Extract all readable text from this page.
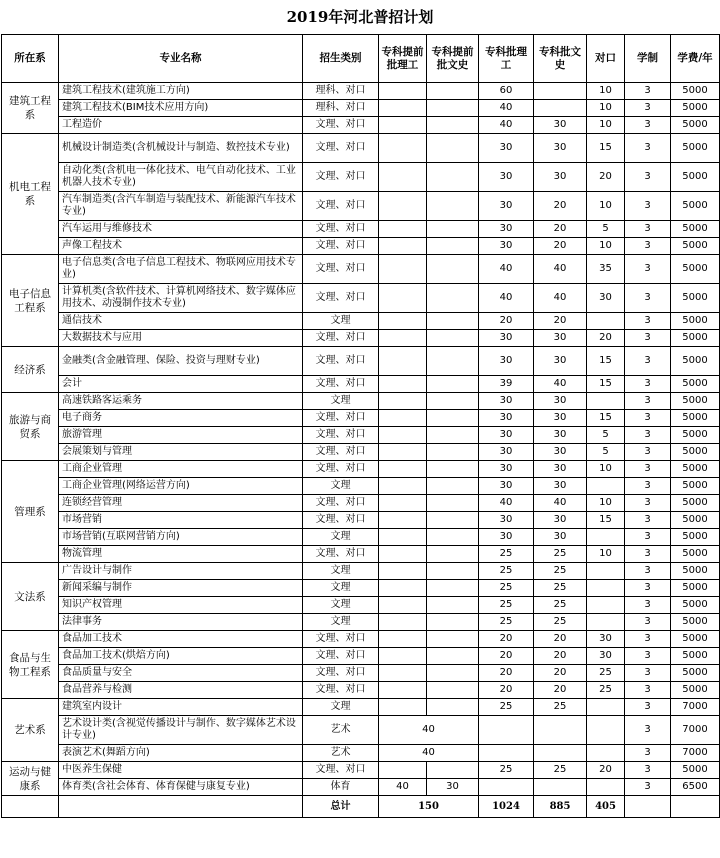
2019年河北普招计划
所在系	专业名称	招生类别	专科提前批理工	专科提前批文史	专科批理工	专科批文史	对口	学制	学费/年
建筑工程系	建筑工程技术(建筑施工方向)	理科、对口			60		10	3	5000
	建筑工程技术(BIM技术应用方向)	理科、对口			40		10	3	5000
	工程造价	文理、对口			40	30	10	3	5000
机电工程系	机械设计制造类(含机械设计与制造、数控技术专业)	文理、对口			30	30	15	3	5000
	自动化类(含机电一体化技术、电气自动化技术、工业机器人技术专业)	文理、对口			30	30	20	3	5000
	汽车制造类(含汽车制造与装配技术、新能源汽车技术专业)	文理、对口			30	20	10	3	5000
	汽车运用与维修技术	文理、对口			30	20	5	3	5000
	声像工程技术	文理、对口			30	20	10	3	5000
电子信息工程系	电子信息类(含电子信息工程技术、物联网应用技术专业)	文理、对口			40	40	35	3	5000
	计算机类(含软件技术、计算机网络技术、数字媒体应用技术、动漫制作技术专业)	文理、对口			40	40	30	3	5000
	通信技术	文理			20	20		3	5000
	大数据技术与应用	文理、对口			30	30	20	3	5000
经济系	金融类(含金融管理、保险、投资与理财专业)	文理、对口			30	30	15	3	5000
	会计	文理、对口			39	40	15	3	5000
旅游与商贸系	高速铁路客运乘务	文理			30	30		3	5000
	电子商务	文理、对口			30	30	15	3	5000
	旅游管理	文理、对口			30	30	5	3	5000
	会展策划与管理	文理、对口			30	30	5	3	5000
管理系	工商企业管理	文理、对口			30	30	10	3	5000
	工商企业管理(网络运营方向)	文理			30	30		3	5000
	连锁经营管理	文理、对口			40	40	10	3	5000
	市场营销	文理、对口			30	30	15	3	5000
	市场营销(互联网营销方向)	文理			30	30		3	5000
	物流管理	文理、对口			25	25	10	3	5000
文法系	广告设计与制作	文理			25	25		3	5000
	新闻采编与制作	文理			25	25		3	5000
	知识产权管理	文理			25	25		3	5000
	法律事务	文理			25	25		3	5000
食品与生物工程系	食品加工技术	文理、对口			20	20	30	3	5000
	食品加工技术(烘焙方向)	文理、对口			20	20	30	3	5000
	食品质量与安全	文理、对口			20	20	25	3	5000
	食品营养与检测	文理、对口			20	20	25	3	5000
艺术系	建筑室内设计	文理			25	25		3	7000
	艺术设计类(含视觉传播设计与制作、数字媒体艺术设计专业)	艺术	40					3	7000
	表演艺术(舞蹈方向)	艺术	40					3	7000
运动与健康系	中医养生保健	文理、对口			25	25	20	3	5000
	体育类(含社会体育、体育保健与康复专业)	体育	40	30				3	6500
		总计	150		1024	885	405		
